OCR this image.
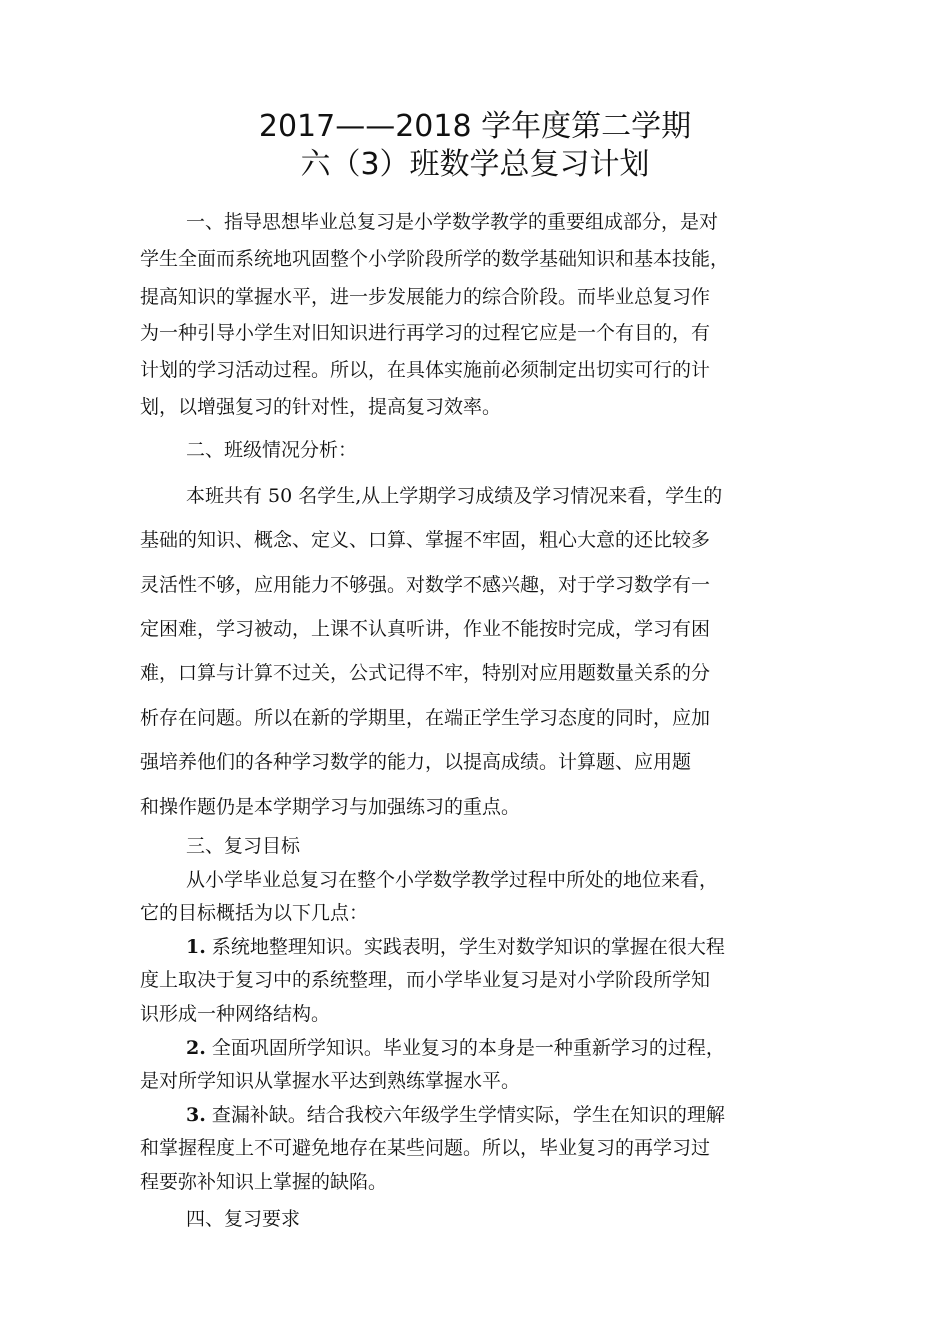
2017——2018 学年度第二学期
六（3）班数学总复习计划
一、指导思想毕业总复习是小学数学教学的重要组成部分，是对
学生全面而系统地巩固整个小学阶段所学的数学基础知识和基本技能，
提高知识的掌握水平，进一步发展能力的综合阶段。而毕业总复习作
为一种引导小学生对旧知识进行再学习的过程它应是一个有目的，有
计划的学习活动过程。所以，在具体实施前必须制定出切实可行的计
划，以增强复习的针对性，提高复习效率。
二、班级情况分析：
本班共有 50 名学生,从上学期学习成绩及学习情况来看，学生的
基础的知识、概念、定义、口算、掌握不牢固，粗心大意的还比较多
灵活性不够，应用能力不够强。对数学不感兴趣，对于学习数学有一
定困难，学习被动，上课不认真听讲，作业不能按时完成，学习有困
难，口算与计算不过关，公式记得不牢，特别对应用题数量关系的分
析存在问题。所以在新的学期里，在端正学生学习态度的同时，应加
强培养他们的各种学习数学的能力，以提高成绩。计算题、应用题
和操作题仍是本学期学习与加强练习的重点。
三、复习目标
从小学毕业总复习在整个小学数学教学过程中所处的地位来看，
它的目标概括为以下几点：
1. 系统地整理知识。实践表明，学生对数学知识的掌握在很大程
度上取决于复习中的系统整理，而小学毕业复习是对小学阶段所学知
识形成一种网络结构。
2. 全面巩固所学知识。毕业复习的本身是一种重新学习的过程，
是对所学知识从掌握水平达到熟练掌握水平。
3. 查漏补缺。结合我校六年级学生学情实际，学生在知识的理解
和掌握程度上不可避免地存在某些问题。所以，毕业复习的再学习过
程要弥补知识上掌握的缺陷。
四、复习要求
